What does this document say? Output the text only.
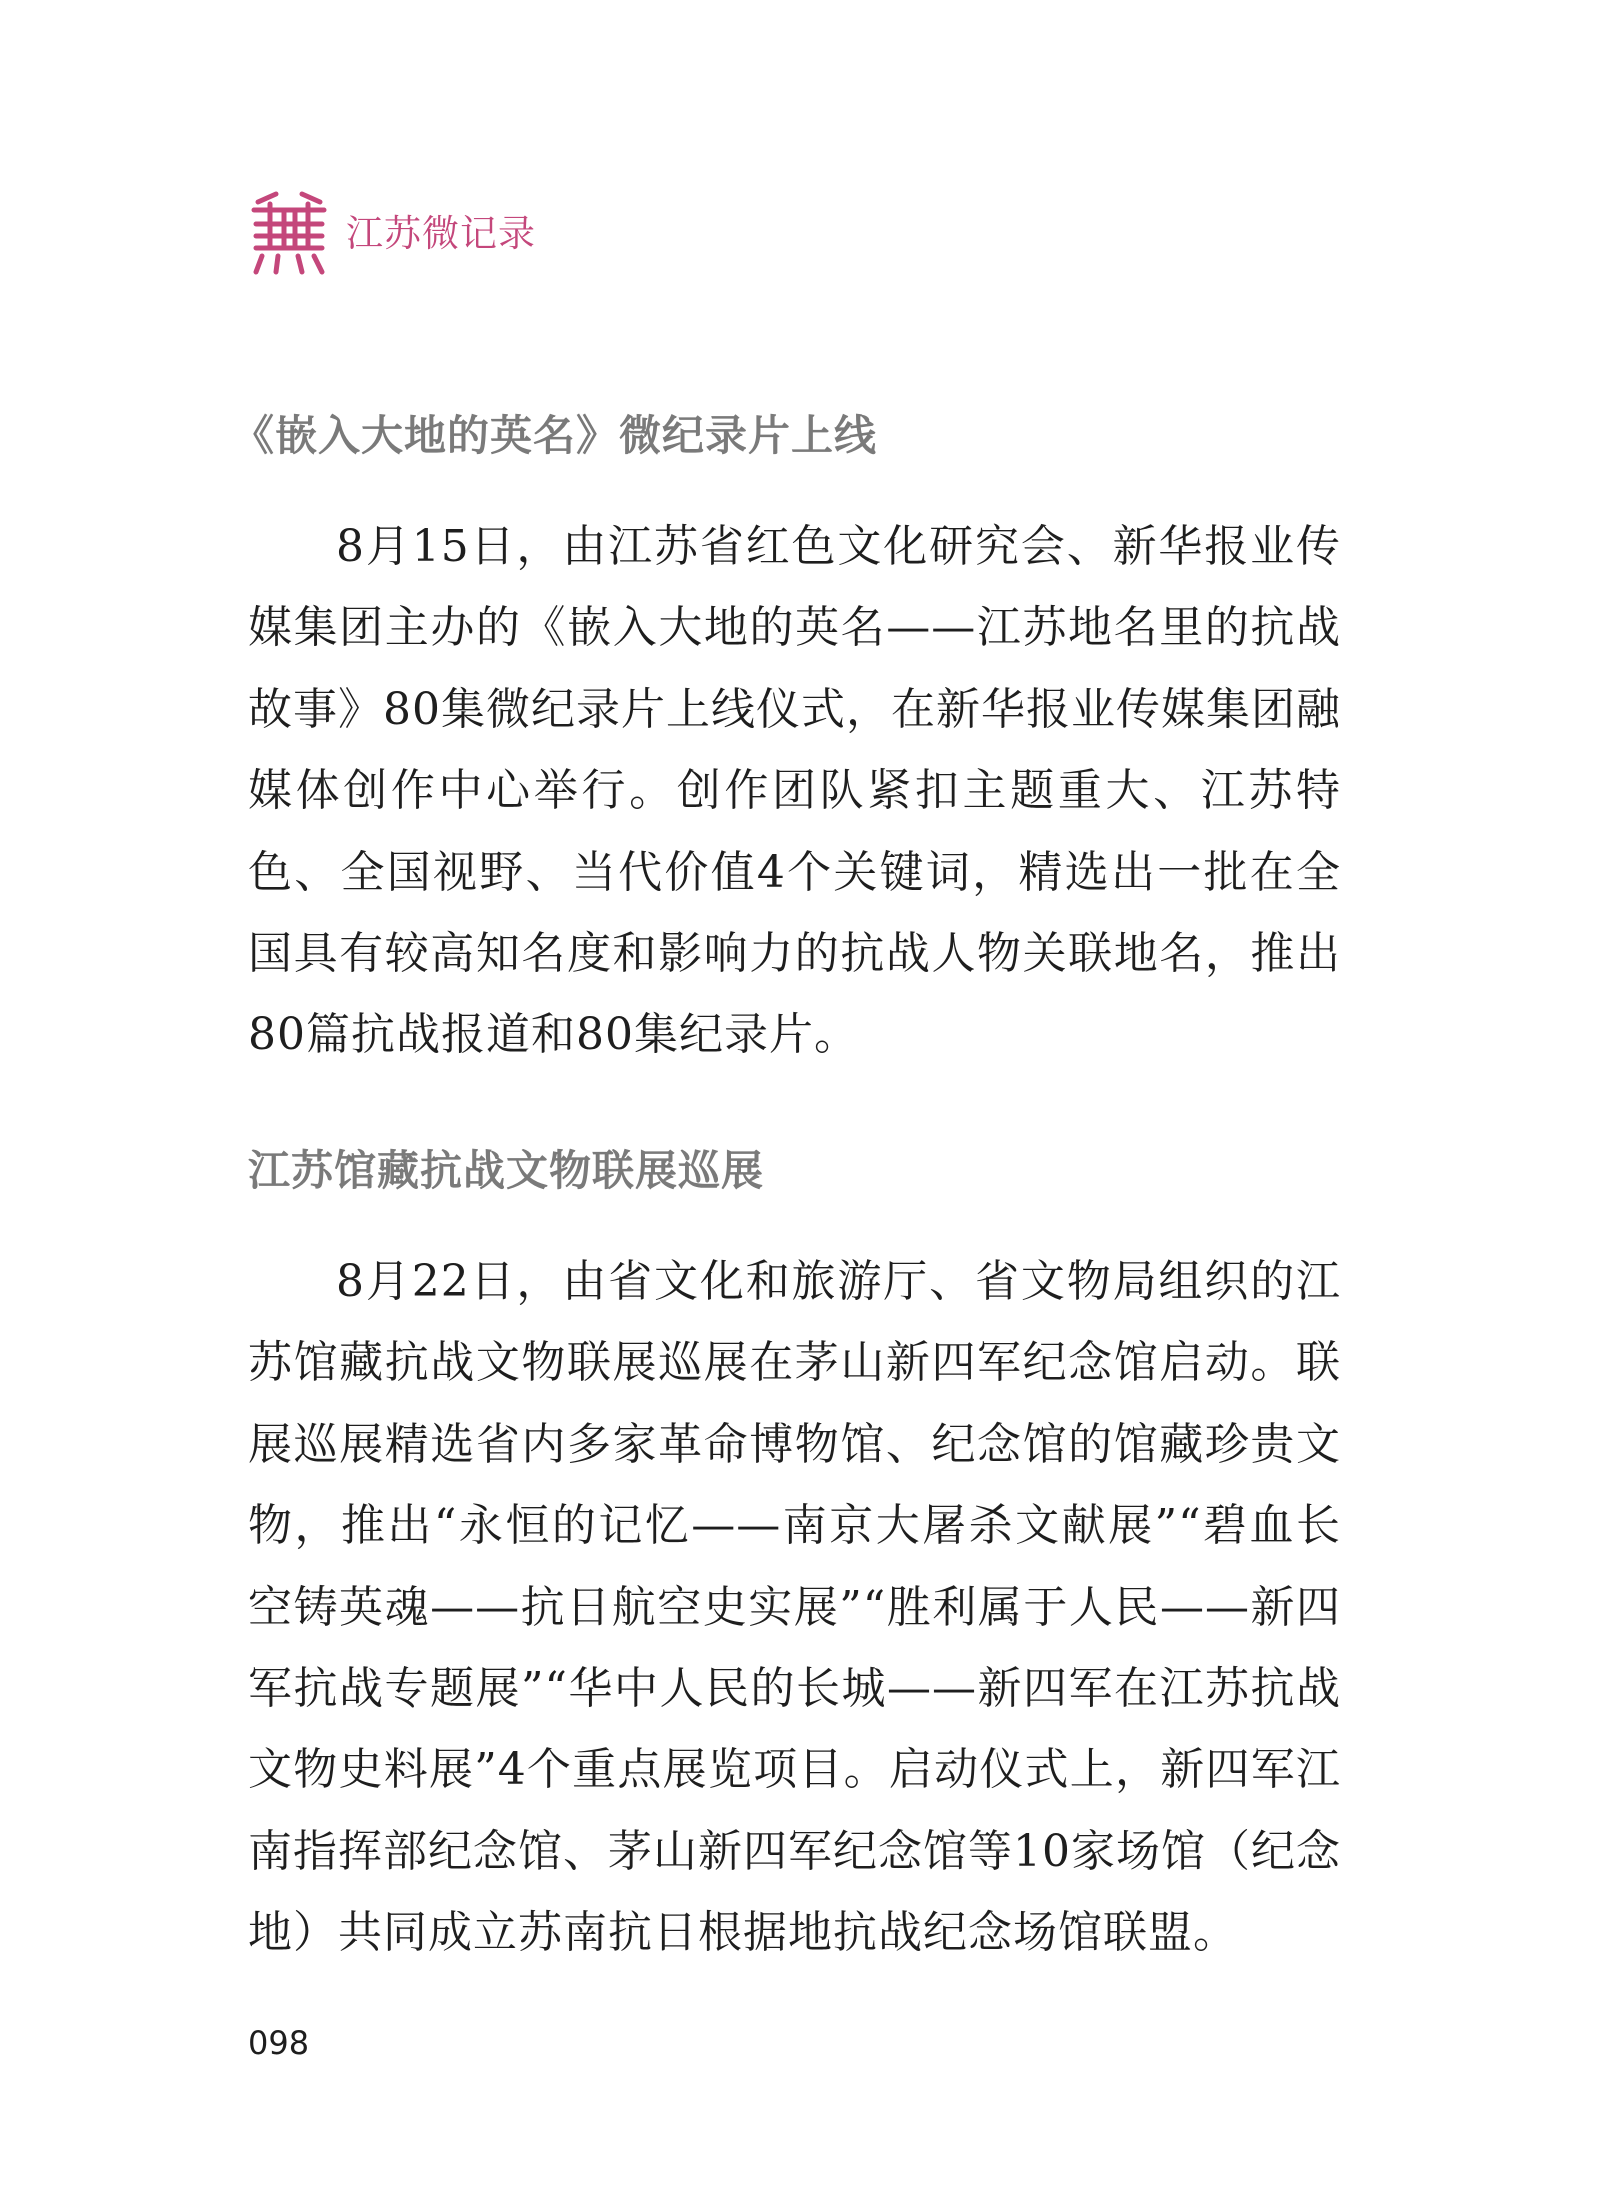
江苏微记录
《嵌入大地的英名》微纪录片上线

8月15日，由江苏省红色文化研究会、新华报业传媒集团主办的《嵌入大地的英名——江苏地名里的抗战故事》80集微纪录片上线仪式，在新华报业传媒集团融媒体创作中心举行。创作团队紧扣主题重大、江苏特色、全国视野、当代价值4个关键词，精选出一批在全国具有较高知名度和影响力的抗战人物关联地名，推出80篇抗战报道和80集纪录片。

江苏馆藏抗战文物联展巡展

8月22日，由省文化和旅游厅、省文物局组织的江苏馆藏抗战文物联展巡展在茅山新四军纪念馆启动。联展巡展精选省内多家革命博物馆、纪念馆的馆藏珍贵文物，推出“永恒的记忆——南京大屠杀文献展”“碧血长空铸英魂——抗日航空史实展”“胜利属于人民——新四军抗战专题展”“华中人民的长城——新四军在江苏抗战文物史料展”4个重点展览项目。启动仪式上，新四军江南指挥部纪念馆、茅山新四军纪念馆等10家场馆（纪念地）共同成立苏南抗日根据地抗战纪念场馆联盟。

098
